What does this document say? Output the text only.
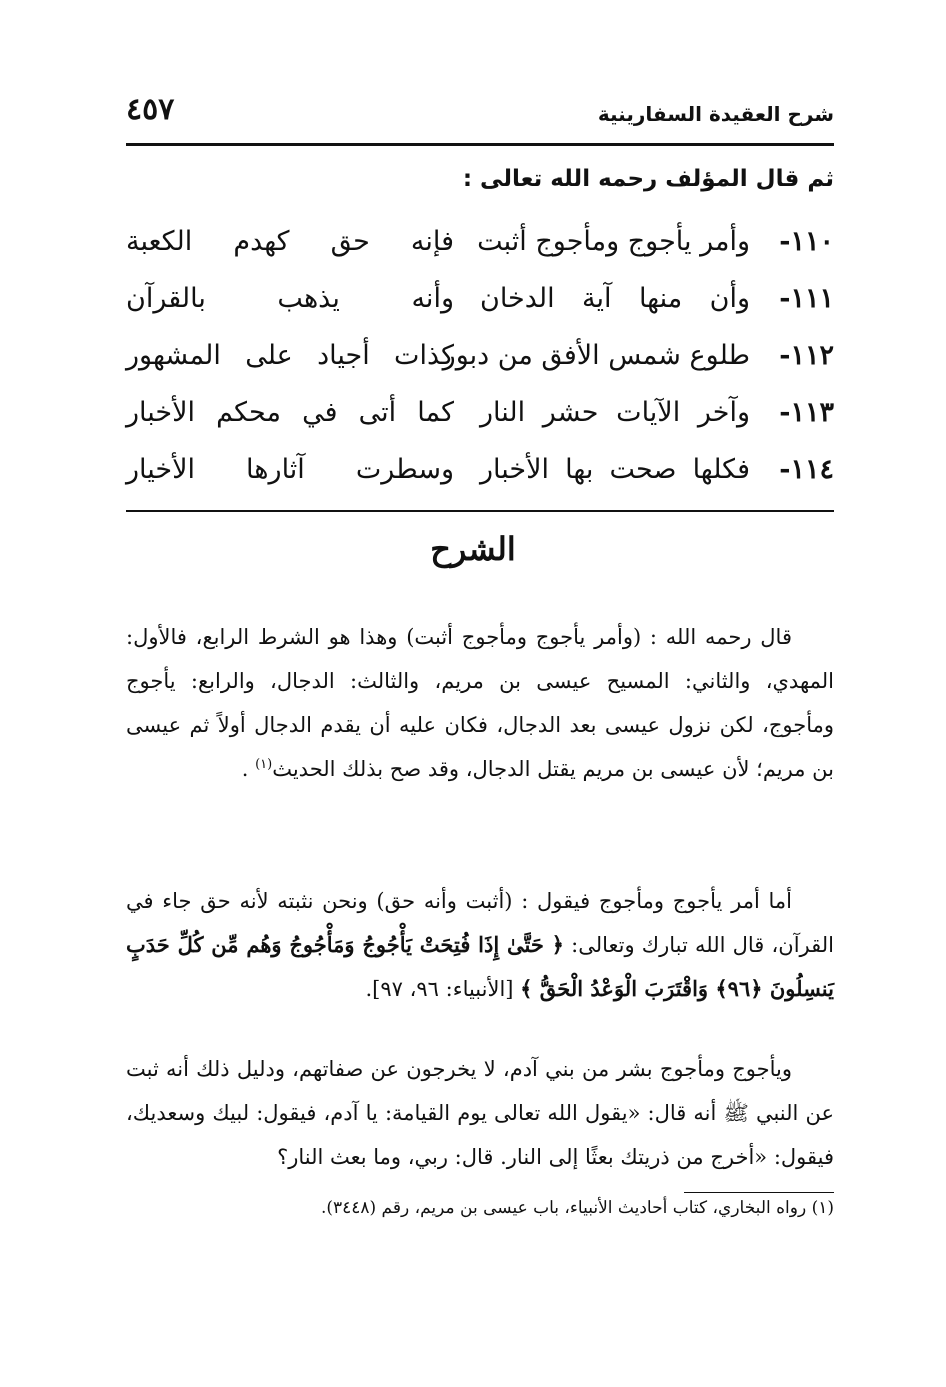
شرح العقيدة السفارينية
٤٥٧
ثم قال المؤلف رحمه الله تعالى :
١١٠-
وأمر يأجوج ومأجوج أثبت
فإنه حق كهدم الكعبة
١١١-
وأن منها آية الدخان
وأنه يذهب بالقرآن
١١٢-
طلوع شمس الأفق من دبور
كذات أجياد على المشهور
١١٣-
وآخر الآيات حشر النار
كما أتى في محكم الأخبار
١١٤-
فكلها صحت بها الأخبار
وسطرت آثارها الأخيار
الشرح

قال رحمه الله : (وأمر يأجوج ومأجوج أثبت) وهذا هو الشرط الرابع، فالأول: المهدي، والثاني: المسيح عيسى بن مريم، والثالث: الدجال، والرابع: يأجوج ومأجوج، لكن نزول عيسى بعد الدجال، فكان عليه أن يقدم الدجال أولاً ثم عيسى بن مريم؛ لأن عيسى بن مريم يقتل الدجال، وقد صح بذلك الحديث$^{(١)}$ .

أما أمر يأجوج ومأجوج فيقول : (أثبت وأنه حق) ونحن نثبته لأنه حق جاء في القرآن، قال الله تبارك وتعالى: ﴿ حَتَّىٰ إِذَا فُتِحَتْ يَأْجُوجُ وَمَأْجُوجُ وَهُم مِّن كُلِّ حَدَبٍ يَنسِلُونَ ﴿٩٦﴾ وَاقْتَرَبَ الْوَعْدُ الْحَقُّ ﴾ [الأنبياء: ٩٦، ٩٧].

ويأجوج ومأجوج بشر من بني آدم، لا يخرجون عن صفاتهم، ودليل ذلك أنه ثبت عن النبي ﷺ أنه قال: «يقول الله تعالى يوم القيامة: يا آدم، فيقول: لبيك وسعديك، فيقول: «أخرج من ذريتك بعثًا إلى النار. قال: ربي، وما بعث النار؟

(١) رواه البخاري، كتاب أحاديث الأنبياء، باب عيسى بن مريم، رقم (٣٤٤٨).
